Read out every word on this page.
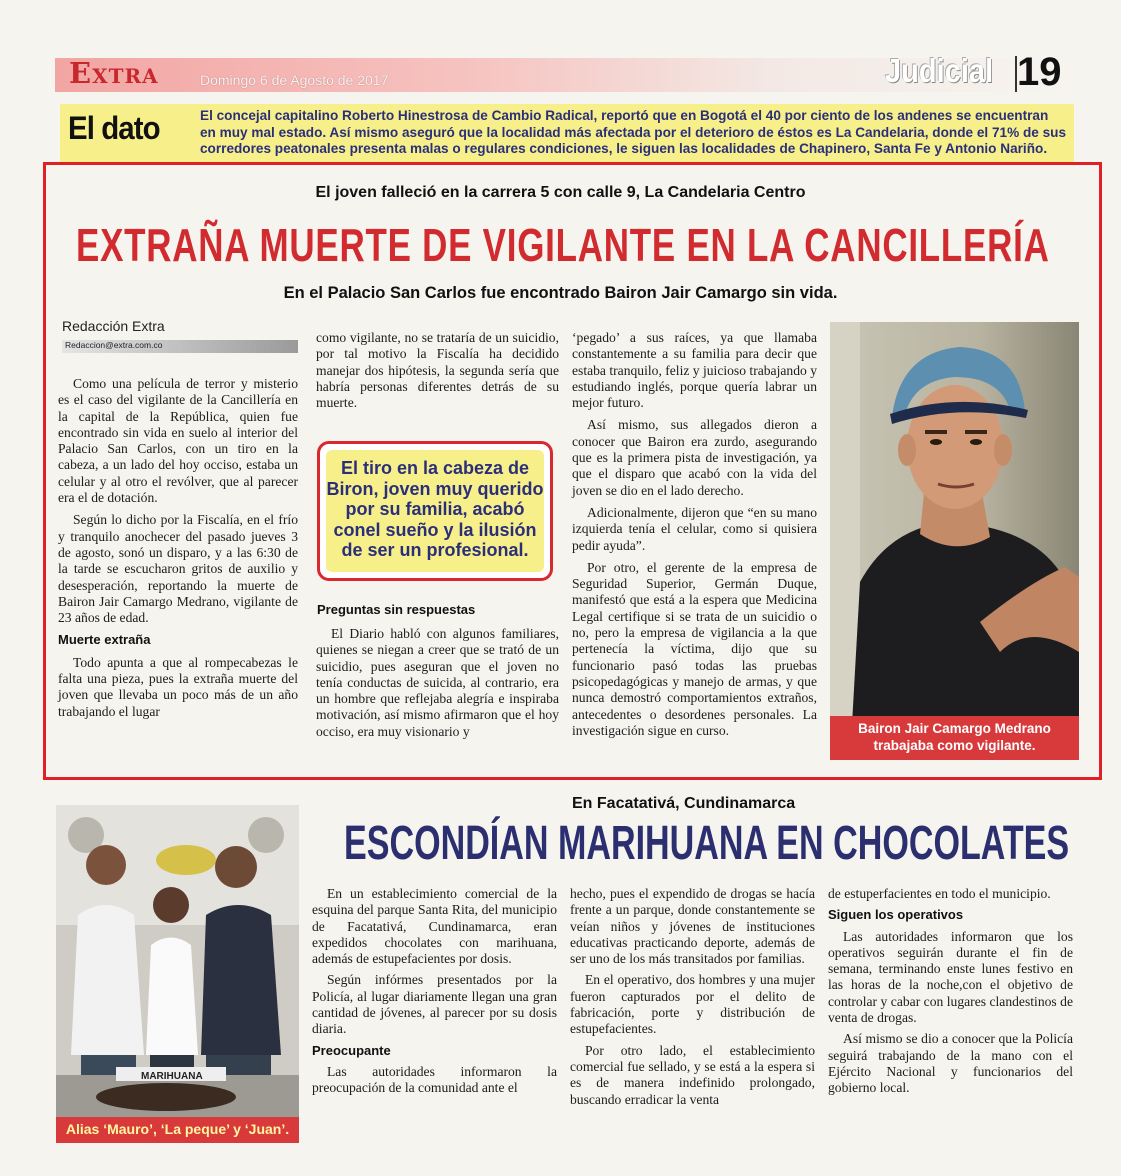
Extra	Domingo 6 de Agosto de 2017	Judicial 19
El dato	El concejal capitalino Roberto Hinestrosa de Cambio Radical, reportó que en Bogotá el 40 por ciento de los andenes se encuentran en muy mal estado. Así mismo aseguró que la localidad más afectada por el deterioro de éstos es La Candelaria, donde el 71% de sus corredores peatonales presenta malas o regulares condiciones, le siguen las localidades de Chapinero, Santa Fe y Antonio Nariño.
El joven falleció en la carrera 5 con calle 9, La Candelaria Centro
EXTRAÑA MUERTE DE VIGILANTE EN LA CANCILLERÍA
En el Palacio San Carlos fue encontrado Bairon Jair Camargo sin vida.
Redacción Extra
Redaccion@extra.com.co

Como una película de terror y misterio es el caso del vigilante de la Cancillería en la capital de la República, quien fue encontrado sin vida en suelo al interior del Palacio San Carlos, con un tiro en la cabeza, a un lado del hoy occiso, estaba un celular y al otro el revólver, que al parecer era el de dotación.

Según lo dicho por la Fiscalía, en el frío y tranquilo anochecer del pasado jueves 3 de agosto, sonó un disparo, y a las 6:30 de la tarde se escucharon gritos de auxilio y desesperación, reportando la muerte de Bairon Jair Camargo Medrano, vigilante de 23 años de edad.

Muerte extraña

Todo apunta a que al rompecabezas le falta una pieza, pues la extraña muerte del joven que llevaba un poco más de un año trabajando el lugar

como vigilante, no se trataría de un suicidio, por tal motivo la Fiscalía ha decidido manejar dos hipótesis, la segunda sería que habría personas diferentes detrás de su muerte.

El tiro en la cabeza de Biron, joven muy querido por su familia, acabó conel sueño y la ilusión de ser un profesional.
Preguntas sin respuestas

El Diario habló con algunos familiares, quienes se niegan a creer que se trató de un suicidio, pues aseguran que el joven no tenía conductas de suicida, al contrario, era un hombre que reflejaba alegría e inspiraba motivación, así mismo afirmaron que el hoy occiso, era muy visionario y

‘pegado’ a sus raíces, ya que llamaba constantemente a su familia para decir que estaba tranquilo, feliz y juicioso trabajando y estudiando inglés, porque quería labrar un mejor futuro.

Así mismo, sus allegados dieron a conocer que Bairon era zurdo, asegurando que es la primera pista de investigación, ya que el disparo que acabó con la vida del joven se dio en el lado derecho.

Adicionalmente, dijeron que “en su mano izquierda tenía el celular, como si quisiera pedir ayuda”.

Por otro, el gerente de la empresa de Seguridad Superior, Germán Duque, manifestó que está a la espera que Medicina Legal certifique si se trata de un suicidio o no, pero la empresa de vigilancia a la que pertenecía la víctima, dijo que su funcionario pasó todas las pruebas psicopedagógicas y manejo de armas, y que nunca demostró comportamientos extraños, antecedentes o desordenes personales. La investigación sigue en curso.	Bairon Jair Camargo Medrano trabajaba como vigilante.
En Facatativá, Cundinamarca
ESCONDÍAN MARIHUANA EN CHOCOLATES
MARIHUANA
Alias ‘Mauro’, ‘La peque’ y ‘Juan’.

En un establecimiento comercial de la esquina del parque Santa Rita, del municipio de Facatativá, Cundinamarca, eran expedidos chocolates con marihuana, además de estupefacientes por dosis.

Según infórmes presentados por la Policía, al lugar diariamente llegan una gran cantidad de jóvenes, al parecer por su dosis diaria.

Preocupante

Las autoridades informaron la preocupación de la comunidad ante el

hecho, pues el expendido de drogas se hacía frente a un parque, donde constantemente se veían niños y jóvenes de instituciones educativas practicando deporte, además de ser uno de los más transitados por familias.

En el operativo, dos hombres y una mujer fueron capturados por el delito de fabricación, porte y distribución de estupefacientes.

Por otro lado, el establecimiento comercial fue sellado, y se está a la espera si es de manera indefinido prolongado, buscando erradicar la venta

de estuperfacientes en todo el municipio.

Siguen los operativos

Las autoridades informaron que los operativos seguirán durante el fin de semana, terminando enste lunes festivo en las horas de la noche,con el objetivo de controlar y cabar con lugares clandestinos de venta de drogas.

Así mismo se dio a conocer que la Policía seguirá trabajando de la mano con el Ejército Nacional y funcionarios del gobierno local.
